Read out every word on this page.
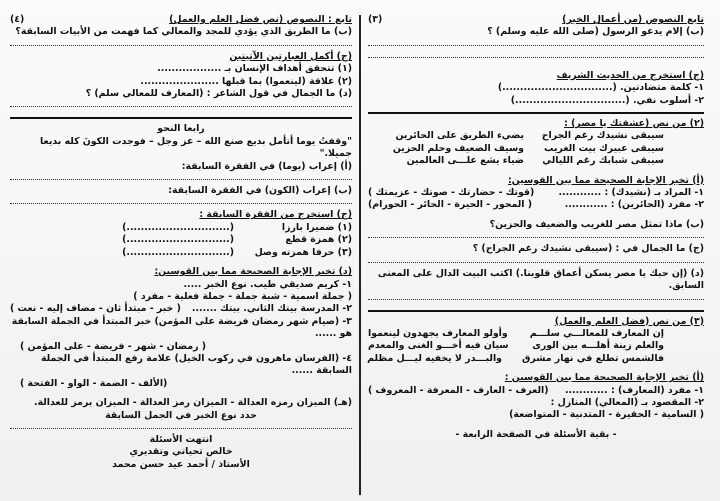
تابع : النصوص (نص فضل العلم والعمل)
(٤)
(ب) ما الطريق الذي يؤدي للمجد والمعالي كما فهمت من الأبيات السابقة؟
(ج) أكمل العبارتين الآتيتين
(١) تتحقق أهداف الإنسان بـ ..................
(٢) علاقة (لينعموا) بما قبلها ......................
(د) ما الجمال في قول الشاعر : (المعارف للمعالي سلم) ؟
رابعا النحو
"وقفتُ يوما أتأمل بديع صنع الله – عز وجل – فوجدت الكونَ كله بديعا جميلا."
(أ) إعراب (يوما) في الفقرة السابقة:
(ب) إعراب (الكون) في الفقرة السابقة:
(ج) استخرج من الفقرة السابقة :
(١) ضميرا بارزا
(.............................)
(٢) همزة قطع
(.............................)
(٣) حرفا همزته وصل
(.............................)
(د) تخير الإجابة الصحيحة مما بين القوسين:
١- كريم صديقي طيب. نوع الخبر .....
( جملة اسمية - شبة جملة - جملة فعلية - مفرد )
٢- المدرسة بيتك الثاني. بيتك .......
( خبر - مبتدأ ثان - مضاف إليه - نعت )
٣- (صيام شهر رمضان فريضة على المؤمن) خبر المبتدأ في الجملة السابقة هو ......
( رمضان - شهر - فريضة - على المؤمن )
٤- (الفرسان ماهرون في ركوب الخيل) علامة رفع المبتدأ في الجملة السابقة ......
(الألف - الضمة - الواو - الفتحة )
(هـ) الميزان رمزه العدالة - الميزان رمز العدالة - الميزان يرمز للعدالة.
حدد نوع الخبر في الجمل السابقة
انتهت الأسئلة
خالص تحياتي وتقديري
الأستاذ / أحمد عيد حسن محمد
تابع النصوص (من أعمال الخير)
(٣)
(ب) إلام يدعو الرسول (صلى الله عليه وسلم) ؟
(ج) استخرج من الحديث الشريف
١- كلمة متضادتين. (...............................)
٢- أسلوب نفي. (...............................)
(٢) من نص (عشقتك يا مصر) :
سيبقى نشيدك رغم الجراح
يضيء الطريق على الحائرين
سيبقى عبيرك بيت الغريب
وسيف الضعيف وحلم الحزين
سيبقى شبابك رغم الليالي
ضياء يشع علـــى العالمين
(أ) تخير الإجابة الصحيحة مما بين القوسين:
١- المراد بـ (نشيدك) : ............
(قوتك - حضارتك - صوتك - عزيمتك )
٢- مفرد (الحائرين) : ............
( المحور - الحيرة - الحائر - الحورام)
(ب) ماذا تمثل مصر للغريب والضعيف والحزين؟
(ج) ما الجمال في : (سيبقى نشيدك رغم الجراح) ؟
(د) (إن حبك يا مصر يسكن أعماق قلوبنا.) اكتب البيت الدال على المعنى السابق.
(٣) من نص (فضل العلم والعمل)
إن المعارف للمعالـــي سلـــم
وأولو المعارف يجهدون لينعموا
والعلم زينة أهلـــه بين الورى
سيان فيه أخـــو الغنى والمعدم
فالشمس تطلع في نهار مشرق
والبـــدر لا يخفيه ليـــل مظلم
(أ) تخير الإجابة الصحيحة مما بين القوسين :
١- مفرد (المعارف) : ............
(العرف - العارف - المعرفة - المعروف )
٢- المقصود بـ (المعالي) المنازل :
( السامية - الحقيرة - المتدنية - المتواضعة)
- بقية الأسئلة في الصفحة الرابعة -
